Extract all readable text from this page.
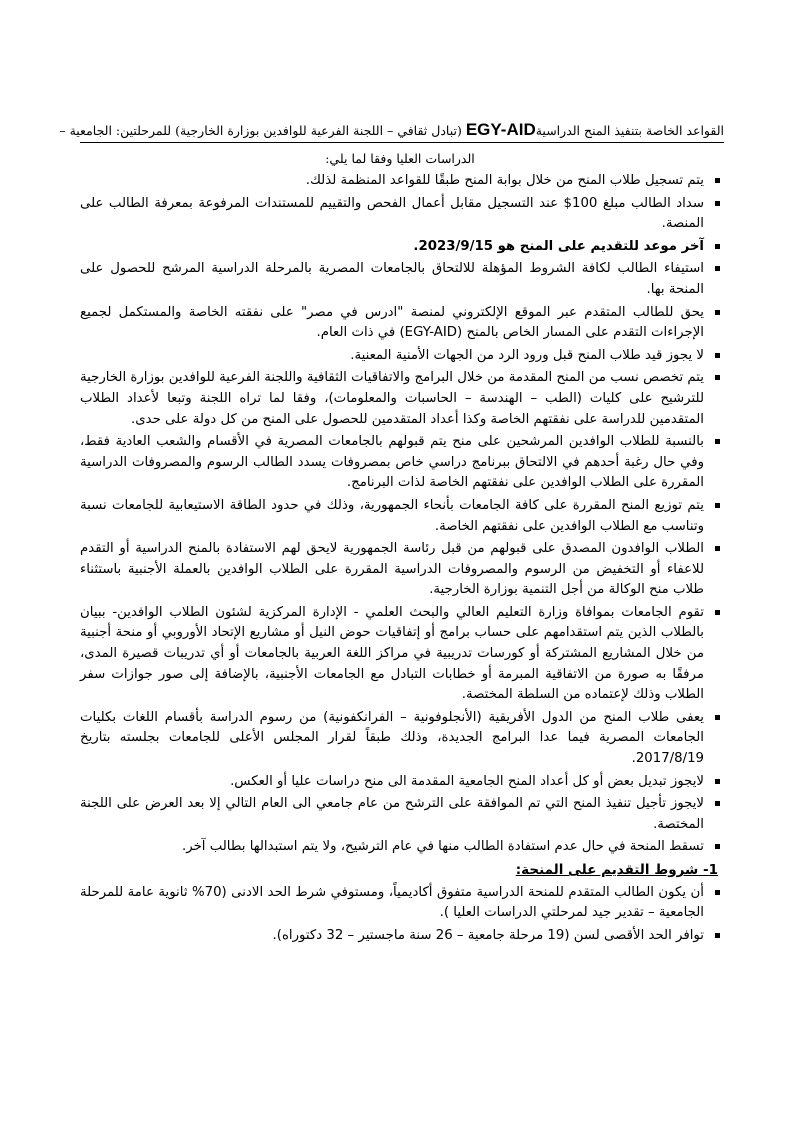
القواعد الخاصة بتنفيذ المنح الدراسيةEGY-AID (تبادل ثقافي – اللجنة الفرعية للوافدين بوزارة الخارجية) للمرحلتين: الجامعية –
الدراسات العليا وفقا لما يلي:
يتم تسجيل طلاب المنح من خلال بوابة المنح طبقًا للقواعد المنظمة لذلك.
سداد الطالب مبلغ 100$ عند التسجيل مقابل أعمال الفحص والتقييم للمستندات المرفوعة بمعرفة الطالب على المنصة.
آخر موعد للتقديم على المنح هو 2023/9/15.
استيفاء الطالب لكافة الشروط المؤهلة للالتحاق بالجامعات المصرية بالمرحلة الدراسية المرشح للحصول على المنحة بها.
يحق للطالب المتقدم عبر الموقع الإلكتروني لمنصة "ادرس في مصر" على نفقته الخاصة والمستكمل لجميع الإجراءات التقدم على المسار الخاص بالمنح (EGY-AID) في ذات العام.
لا يجوز قيد طلاب المنح قبل ورود الرد من الجهات الأمنية المعنية.
يتم تخصص نسب من المنح المقدمة من خلال البرامج والاتفاقيات الثقافية واللجنة الفرعية للوافدين بوزارة الخارجية للترشيح على كليات (الطب – الهندسة – الحاسبات والمعلومات)، وفقا لما تراه اللجنة وتبعا لأعداد الطلاب المتقدمين للدراسة على نفقتهم الخاصة وكذا أعداد المتقدمين للحصول على المنح من كل دولة على حدى.
بالنسبة للطلاب الوافدين المرشحين على منح يتم قبولهم بالجامعات المصرية في الأقسام والشعب العادية فقط، وفي حال رغبة أحدهم في الالتحاق ببرنامج دراسي خاص بمصروفات يسدد الطالب الرسوم والمصروفات الدراسية المقررة على الطلاب الوافدين على نفقتهم الخاصة لذات البرنامج.
يتم توزيع المنح المقررة على كافة الجامعات بأنحاء الجمهورية، وذلك في حدود الطاقة الاستيعابية للجامعات نسبة وتناسب مع الطلاب الوافدين على نفقتهم الخاصة.
الطلاب الوافدون المصدق على قبولهم من قبل رئاسة الجمهورية لايحق لهم الاستفادة بالمنح الدراسية أو التقدم للاعفاء أو التخفيض من الرسوم والمصروفات الدراسية المقررة على الطلاب الوافدين بالعملة الأجنبية باستثناء طلاب منح الوكالة من أجل التنمية بوزارة الخارجية.
تقوم الجامعات بموافاة وزارة التعليم العالي والبحث العلمي - الإدارة المركزية لشئون الطلاب الوافدين- ببيان بالطلاب الذين يتم استقدامهم على حساب برامج أو إتفاقيات حوض النيل أو مشاريع الإتحاد الأوروبي أو منحة أجنبية من خلال المشاريع المشتركة أو كورسات تدريبية في مراكز اللغة العربية بالجامعات أو أي تدريبات قصيرة المدى، مرفقًا به صورة من الاتفاقية المبرمة أو خطابات التبادل مع الجامعات الأجنبية، بالإضافة إلى صور جوازات سفر الطلاب وذلك لإعتماده من السلطة المختصة.
يعفى طلاب المنح من الدول الأفريقية (الأنجلوفونية – الفرانكفونية) من رسوم الدراسة بأقسام اللغات بكليات الجامعات المصرية فيما عدا البرامج الجديدة، وذلك طبقاً لقرار المجلس الأعلى للجامعات بجلسته بتاريخ 2017/8/19.
لايجوز تبديل بعض أو كل أعداد المنح الجامعية المقدمة الى منح دراسات عليا أو العكس.
لايجوز تأجيل تنفيذ المنح التي تم الموافقة على الترشح من عام جامعي الى العام التالي إلا بعد العرض على اللجنة المختصة.
تسقط المنحة في حال عدم استفادة الطالب منها في عام الترشيح، ولا يتم استبدالها بطالب آخر.
1- شروط التقديم على المنحة:
أن يكون الطالب المتقدم للمنحة الدراسية متفوق أكاديمياً، ومستوفي شرط الحد الادنى (70% ثانوية عامة للمرحلة الجامعية – تقدير جيد لمرحلتي الدراسات العليا ).
توافر الحد الأقصى لسن (19 مرحلة جامعية – 26 سنة ماجستير – 32 دكتوراه).
